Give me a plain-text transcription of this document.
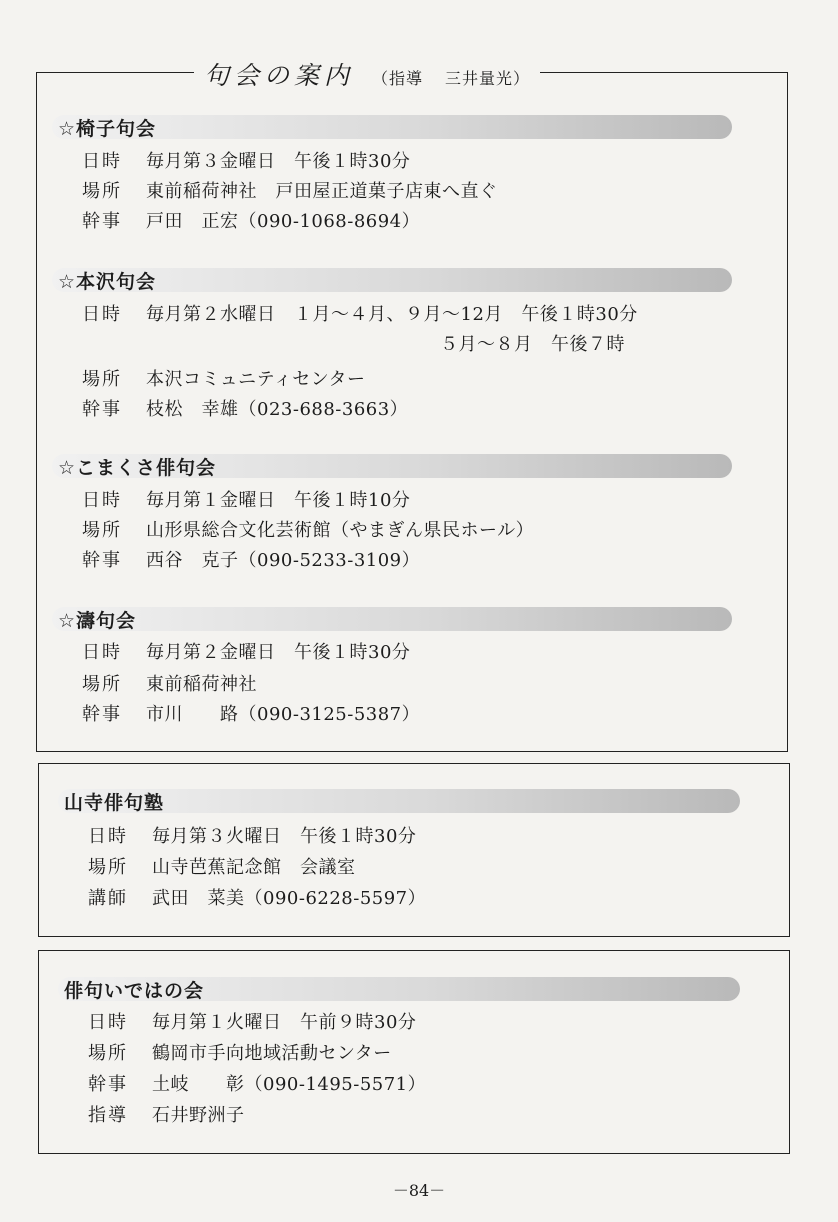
句会の案内 （指導 三井量光）
☆椅子句会
日時	毎月第３金曜日　午後１時30分
場所	東前稲荷神社　戸田屋正道菓子店東へ直ぐ
幹事	戸田　正宏（090-1068-8694）
☆本沢句会
日時	毎月第２水曜日　１月～４月、９月～12月　午後１時30分
５月～８月　午後７時
場所	本沢コミュニティセンター
幹事	枝松　幸雄（023-688-3663）
☆こまくさ俳句会
日時	毎月第１金曜日　午後１時10分
場所	山形県総合文化芸術館（やまぎん県民ホール）
幹事	西谷　克子（090-5233-3109）
☆濤句会
日時	毎月第２金曜日　午後１時30分
場所	東前稲荷神社
幹事	市川　　路（090-3125-5387）
山寺俳句塾
日時	毎月第３火曜日　午後１時30分
場所	山寺芭蕉記念館　会議室
講師	武田　菜美（090-6228-5597）
俳句いではの会
日時	毎月第１火曜日　午前９時30分
場所	鶴岡市手向地域活動センター
幹事	土岐　　彰（090-1495-5571）
指導	石井野洲子
－84－
